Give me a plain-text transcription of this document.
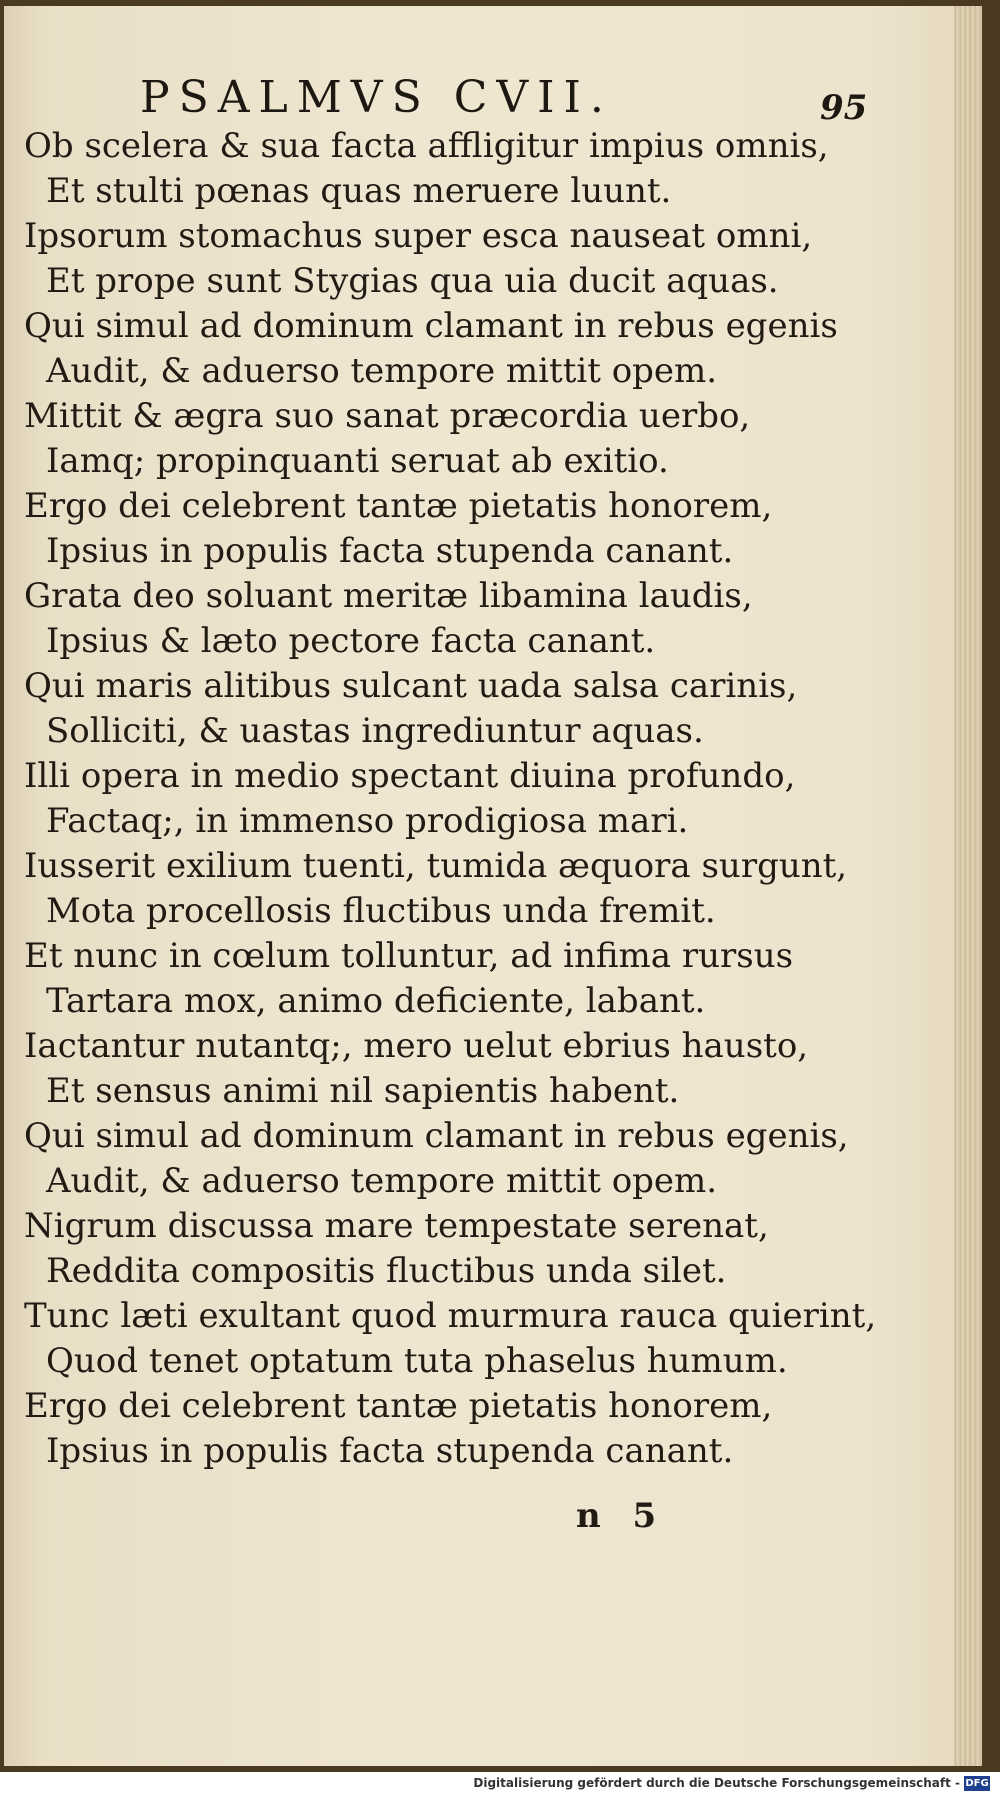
PSALMVS CVII.	95
Ob scelera & sua facta affligitur impius omnis,
Et stulti pœnas quas meruere luunt.
Ipsorum stomachus super esca nauseat omni,
Et prope sunt Stygias qua uia ducit aquas.
Qui simul ad dominum clamant in rebus egenis
Audit, & aduerso tempore mittit opem.
Mittit & ægra suo sanat præcordia uerbo,
Iamq; propinquanti seruat ab exitio.
Ergo dei celebrent tantæ pietatis honorem,
Ipsius in populis facta stupenda canant.
Grata deo soluant meritæ libamina laudis,
Ipsius & læto pectore facta canant.
Qui maris alitibus sulcant uada salsa carinis,
Solliciti, & uastas ingrediuntur aquas.
Illi opera in medio spectant diuina profundo,
Factaq;, in immenso prodigiosa mari.
Iusserit exilium tuenti, tumida æquora surgunt,
Mota procellosis fluctibus unda fremit.
Et nunc in cœlum tolluntur, ad infima rursus
Tartara mox, animo deficiente, labant.
Iactantur nutantq;, mero uelut ebrius hausto,
Et sensus animi nil sapientis habent.
Qui simul ad dominum clamant in rebus egenis,
Audit, & aduerso tempore mittit opem.
Nigrum discussa mare tempestate serenat,
Reddita compositis fluctibus unda silet.
Tunc læti exultant quod murmura rauca quierint,
Quod tenet optatum tuta phaselus humum.
Ergo dei celebrent tantæ pietatis honorem,
Ipsius in populis facta stupenda canant.
n 5
Digitalisierung gefördert durch die Deutsche Forschungsgemeinschaft - DFG
